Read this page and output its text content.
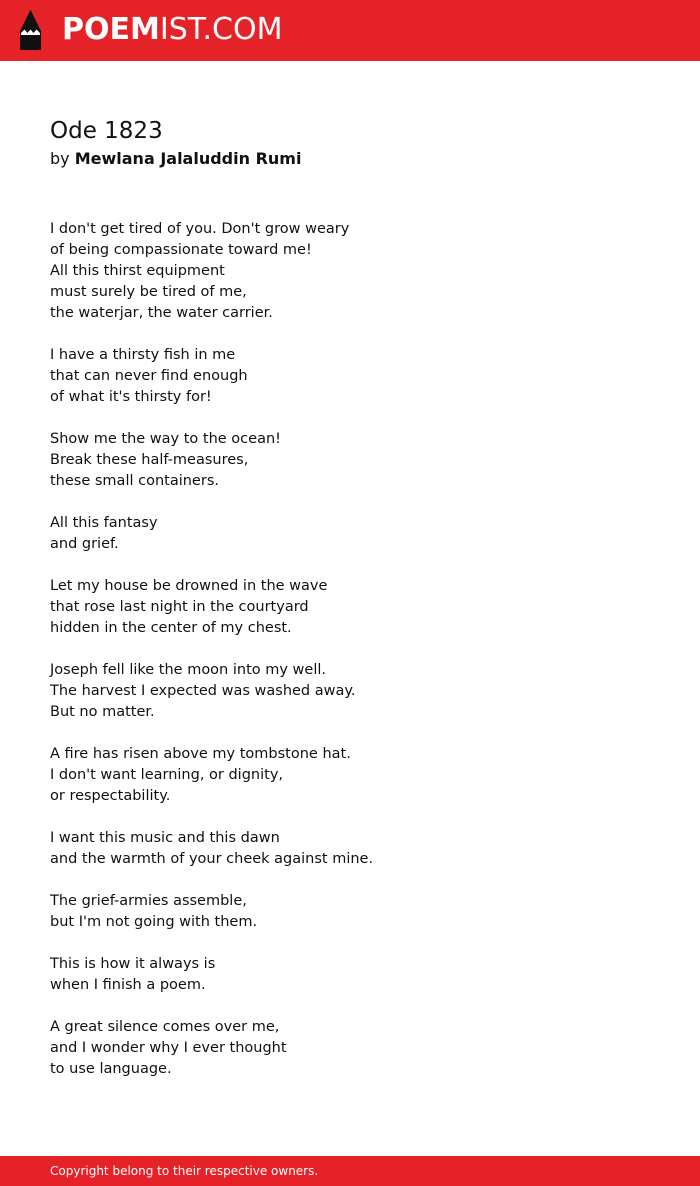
POEMIST.COM
Ode 1823
by Mewlana Jalaluddin Rumi
I don't get tired of you. Don't grow weary
of being compassionate toward me!
All this thirst equipment
must surely be tired of me,
the waterjar, the water carrier.
I have a thirsty fish in me
that can never find enough
of what it's thirsty for!
Show me the way to the ocean!
Break these half-measures,
these small containers.
All this fantasy
and grief.
Let my house be drowned in the wave
that rose last night in the courtyard
hidden in the center of my chest.
Joseph fell like the moon into my well.
The harvest I expected was washed away.
But no matter.
A fire has risen above my tombstone hat.
I don't want learning, or dignity,
or respectability.
I want this music and this dawn
and the warmth of your cheek against mine.
The grief-armies assemble,
but I'm not going with them.
This is how it always is
when I finish a poem.
A great silence comes over me,
and I wonder why I ever thought
to use language.
Copyright belong to their respective owners.
